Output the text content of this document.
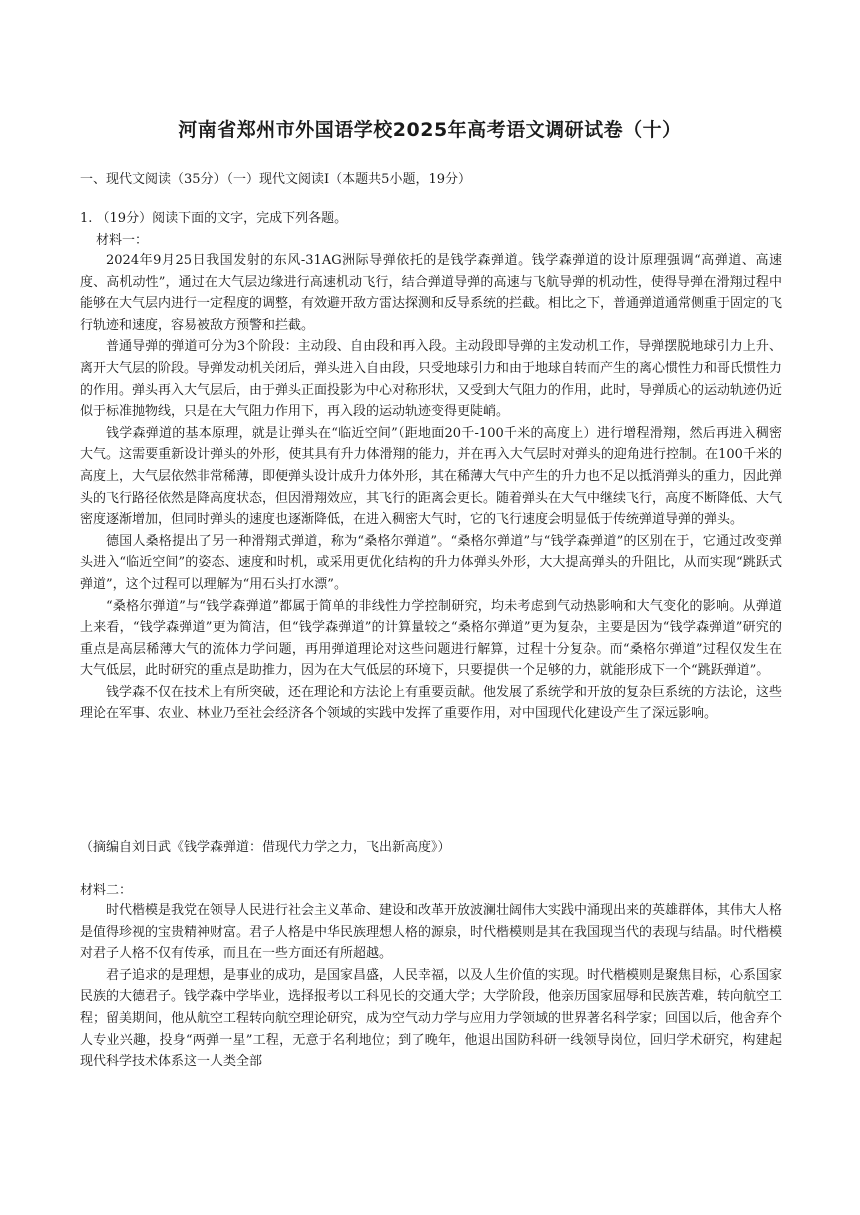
河南省郑州市外国语学校2025年高考语文调研试卷（十）
一、现代文阅读（35分）（一）现代文阅读Ⅰ（本题共5小题，19分）
1. （19分）阅读下面的文字，完成下列各题。
材料一：

2024年9月25日我国发射的东风-31AG洲际导弹依托的是钱学森弹道。钱学森弹道的设计原理强调“高弹道、高速度、高机动性”，通过在大气层边缘进行高速机动飞行，结合弹道导弹的高速与飞航导弹的机动性，使得导弹在滑翔过程中能够在大气层内进行一定程度的调整，有效避开敌方雷达探测和反导系统的拦截。相比之下，普通弹道通常侧重于固定的飞行轨迹和速度，容易被敌方预警和拦截。

普通导弹的弹道可分为3个阶段：主动段、自由段和再入段。主动段即导弹的主发动机工作，导弹摆脱地球引力上升、离开大气层的阶段。导弹发动机关闭后，弹头进入自由段，只受地球引力和由于地球自转而产生的离心惯性力和哥氏惯性力的作用。弹头再入大气层后，由于弹头正面投影为中心对称形状，又受到大气阻力的作用，此时，导弹质心的运动轨迹仍近似于标准抛物线，只是在大气阻力作用下，再入段的运动轨迹变得更陡峭。

钱学森弹道的基本原理，就是让弹头在“临近空间”（距地面20千-100千米的高度上）进行增程滑翔，然后再进入稠密大气。这需要重新设计弹头的外形，使其具有升力体滑翔的能力，并在再入大气层时对弹头的迎角进行控制。在100千米的高度上，大气层依然非常稀薄，即便弹头设计成升力体外形，其在稀薄大气中产生的升力也不足以抵消弹头的重力，因此弹头的飞行路径依然是降高度状态，但因滑翔效应，其飞行的距离会更长。随着弹头在大气中继续飞行，高度不断降低、大气密度逐渐增加，但同时弹头的速度也逐渐降低，在进入稠密大气时，它的飞行速度会明显低于传统弹道导弹的弹头。

德国人桑格提出了另一种滑翔式弹道，称为“桑格尔弹道”。“桑格尔弹道”与“钱学森弹道”的区别在于，它通过改变弹头进入“临近空间”的姿态、速度和时机，或采用更优化结构的升力体弹头外形，大大提高弹头的升阻比，从而实现“跳跃式弹道”，这个过程可以理解为“用石头打水漂”。

“桑格尔弹道”与“钱学森弹道”都属于简单的非线性力学控制研究，均未考虑到气动热影响和大气变化的影响。从弹道上来看，“钱学森弹道”更为简洁，但“钱学森弹道”的计算量较之“桑格尔弹道”更为复杂，主要是因为“钱学森弹道”研究的重点是高层稀薄大气的流体力学问题，再用弹道理论对这些问题进行解算，过程十分复杂。而“桑格尔弹道”过程仅发生在大气低层，此时研究的重点是助推力，因为在大气低层的环境下，只要提供一个足够的力，就能形成下一个“跳跃弹道”。

钱学森不仅在技术上有所突破，还在理论和方法论上有重要贡献。他发展了系统学和开放的复杂巨系统的方法论，这些理论在军事、农业、林业乃至社会经济各个领域的实践中发挥了重要作用，对中国现代化建设产生了深远影响。

（摘编自刘日武《钱学森弹道：借现代力学之力，飞出新高度》）
材料二：

时代楷模是我党在领导人民进行社会主义革命、建设和改革开放波澜壮阔伟大实践中涌现出来的英雄群体，其伟大人格是值得珍视的宝贵精神财富。君子人格是中华民族理想人格的源泉，时代楷模则是其在我国现当代的表现与结晶。时代楷模对君子人格不仅有传承，而且在一些方面还有所超越。

君子追求的是理想，是事业的成功，是国家昌盛，人民幸福，以及人生价值的实现。时代楷模则是聚焦目标，心系国家民族的大德君子。钱学森中学毕业，选择报考以工科见长的交通大学；大学阶段，他亲历国家屈辱和民族苦难，转向航空工程；留美期间，他从航空工程转向航空理论研究，成为空气动力学与应用力学领域的世界著名科学家；回国以后，他舍弃个人专业兴趣，投身“两弹一星”工程，无意于名利地位；到了晚年，他退出国防科研一线领导岗位，回归学术研究，构建起现代科学技术体系这一人类全部
